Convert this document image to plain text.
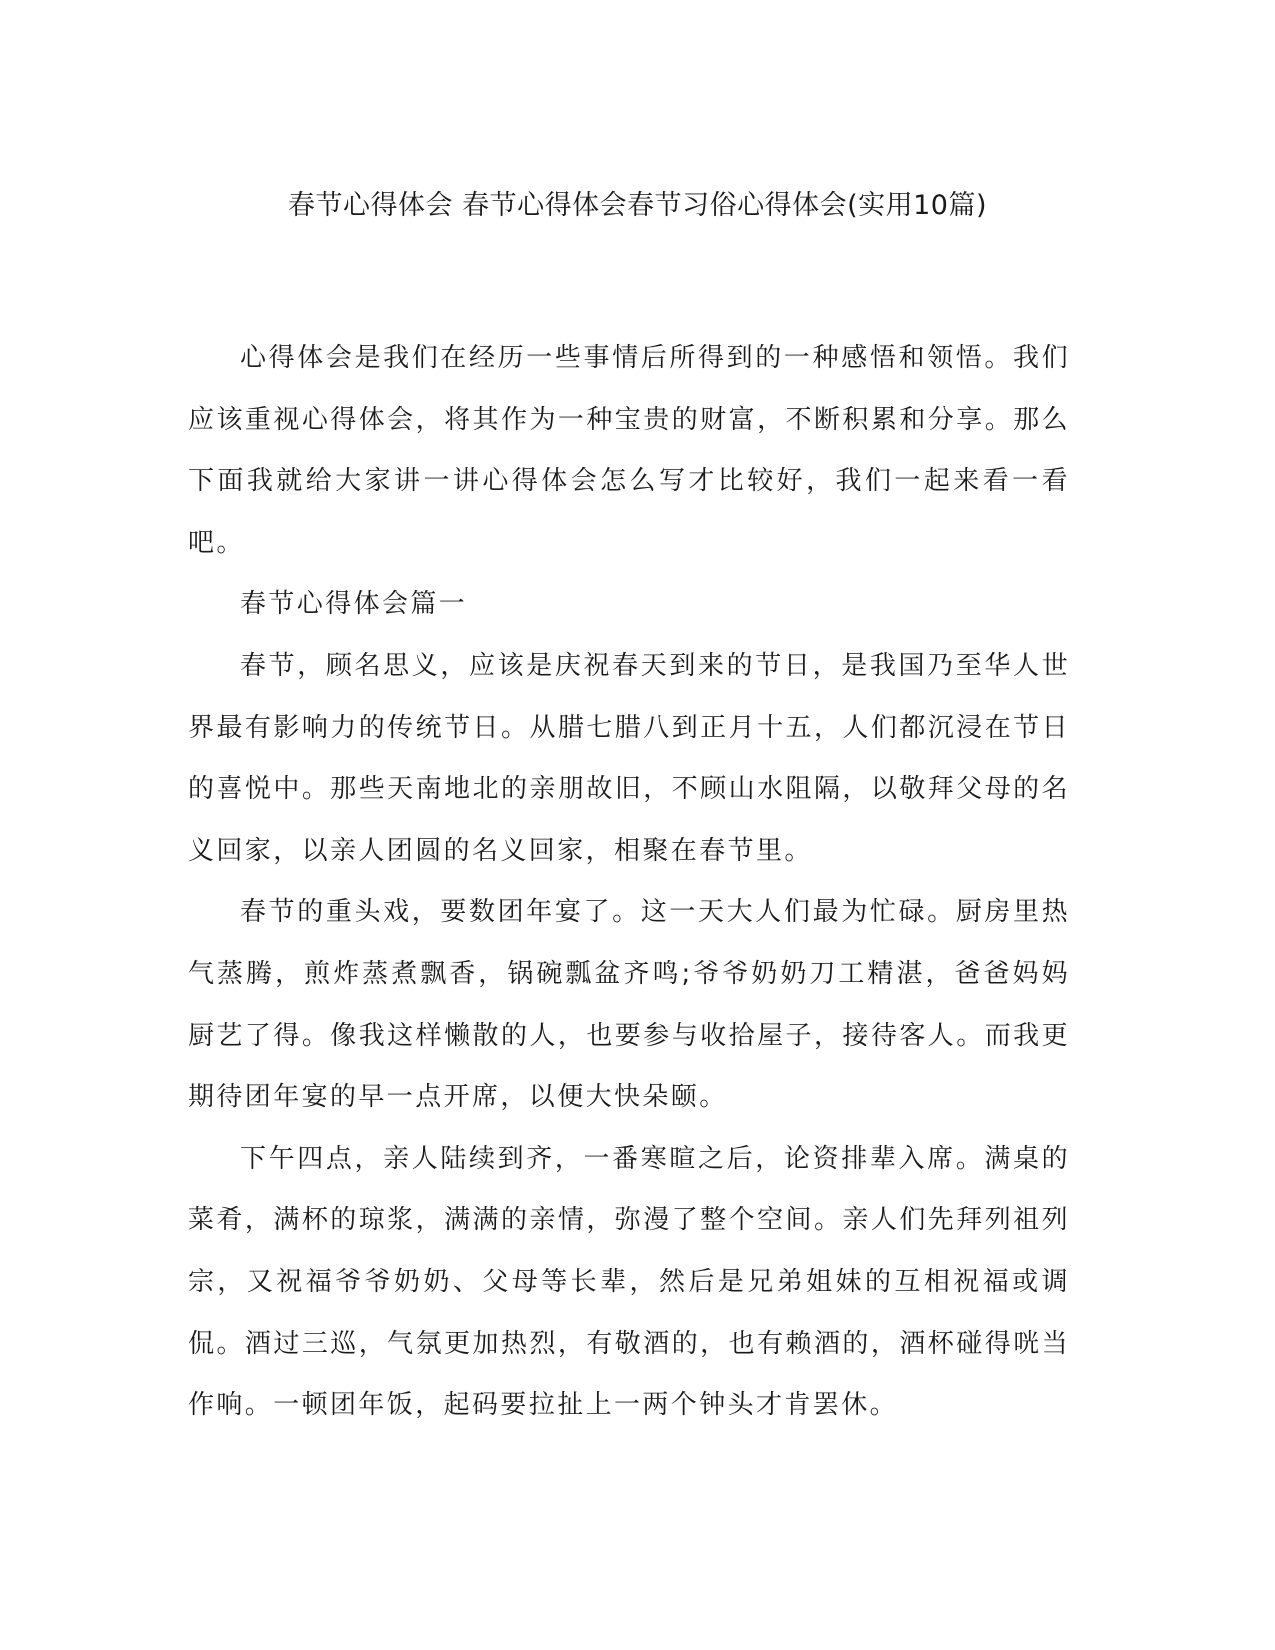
春节心得体会 春节心得体会春节习俗心得体会(实用10篇)

心得体会是我们在经历一些事情后所得到的一种感悟和领悟。我们应该重视心得体会，将其作为一种宝贵的财富，不断积累和分享。那么下面我就给大家讲一讲心得体会怎么写才比较好，我们一起来看一看吧。

春节心得体会篇一

春节，顾名思义，应该是庆祝春天到来的节日，是我国乃至华人世界最有影响力的传统节日。从腊七腊八到正月十五，人们都沉浸在节日的喜悦中。那些天南地北的亲朋故旧，不顾山水阻隔，以敬拜父母的名义回家，以亲人团圆的名义回家，相聚在春节里。

春节的重头戏，要数团年宴了。这一天大人们最为忙碌。厨房里热气蒸腾，煎炸蒸煮飘香，锅碗瓢盆齐鸣;爷爷奶奶刀工精湛，爸爸妈妈厨艺了得。像我这样懒散的人，也要参与收拾屋子，接待客人。而我更期待团年宴的早一点开席，以便大快朵颐。

下午四点，亲人陆续到齐，一番寒暄之后，论资排辈入席。满桌的菜肴，满杯的琼浆，满满的亲情，弥漫了整个空间。亲人们先拜列祖列宗，又祝福爷爷奶奶、父母等长辈，然后是兄弟姐妹的互相祝福或调侃。酒过三巡，气氛更加热烈，有敬酒的，也有赖酒的，酒杯碰得咣当作响。一顿团年饭，起码要拉扯上一两个钟头才肯罢休。
